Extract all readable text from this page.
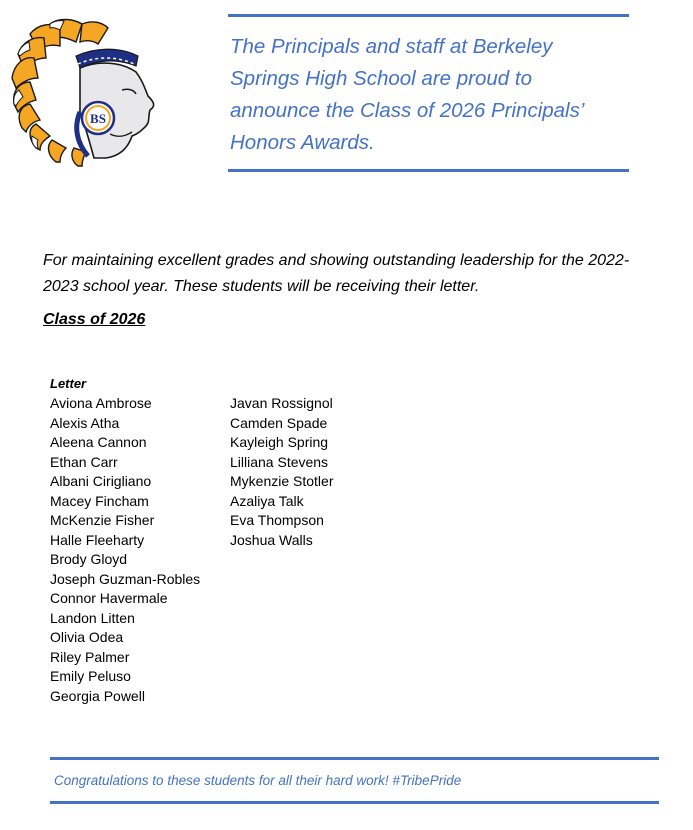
BS
The Principals and staff at Berkeley Springs High School are proud to announce the Class of 2026 Principals’ Honors Awards.
For maintaining excellent grades and showing outstanding leadership for the 2022-2023 school year. These students will be receiving their letter.
Class of 2026
Letter
Aviona Ambrose
Alexis Atha
Aleena Cannon
Ethan Carr
Albani Cirigliano
Macey Fincham
McKenzie Fisher
Halle Fleeharty
Brody Gloyd
Joseph Guzman-Robles
Connor Havermale
Landon Litten
Olivia Odea
Riley Palmer
Emily Peluso
Georgia Powell
Javan Rossignol
Camden Spade
Kayleigh Spring
Lilliana Stevens
Mykenzie Stotler
Azaliya Talk
Eva Thompson
Joshua Walls
Congratulations to these students for all their hard work! #TribePride
